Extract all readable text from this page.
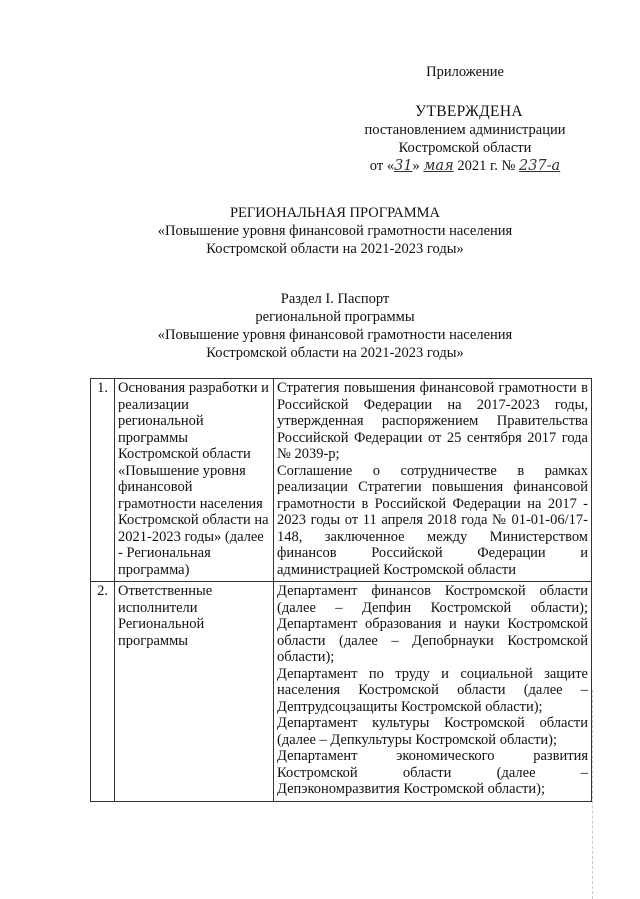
Приложение
УТВЕРЖДЕНА
постановлением администрации
Костромской области
от «31» мая 2021 г. № 237-а
РЕГИОНАЛЬНАЯ ПРОГРАММА
«Повышение уровня финансовой грамотности населения
Костромской области на 2021-2023 годы»
Раздел I. Паспорт
региональной программы
«Повышение уровня финансовой грамотности населения
Костромской области на 2021-2023 годы»
1.	Основания разработки и реализации региональной программы Костромской области «Повышение уровня финансовой грамотности населения Костромской области на 2021-2023 годы» (далее - Региональная программа)	Стратегия повышения финансовой грамотности в Российской Федерации на 2017-2023 годы, утвержденная распоряжением Правительства Российской Федерации от 25 сентября 2017 года № 2039-р;
Соглашение о сотрудничестве в рамках реализации Стратегии повышения финансовой грамотности в Российской Федерации на 2017 - 2023 годы от 11 апреля 2018 года № 01-01-06/17-148, заключенное между Министерством финансов Российской Федерации и администрацией Костромской области

2.	Ответственные исполнители Региональной программы	Департамент финансов Костромской области (далее – Депфин Костромской области);
Департамент образования и науки Костромской области (далее – Депобрнауки Костромской области);
Департамент по труду и социальной защите населения Костромской области (далее – Дептрудсоцзащиты Костромской области);
Департамент культуры Костромской области (далее – Депкультуры Костромской области);
Департамент экономического развития Костромской области (далее – Депэкономразвития Костромской области);
